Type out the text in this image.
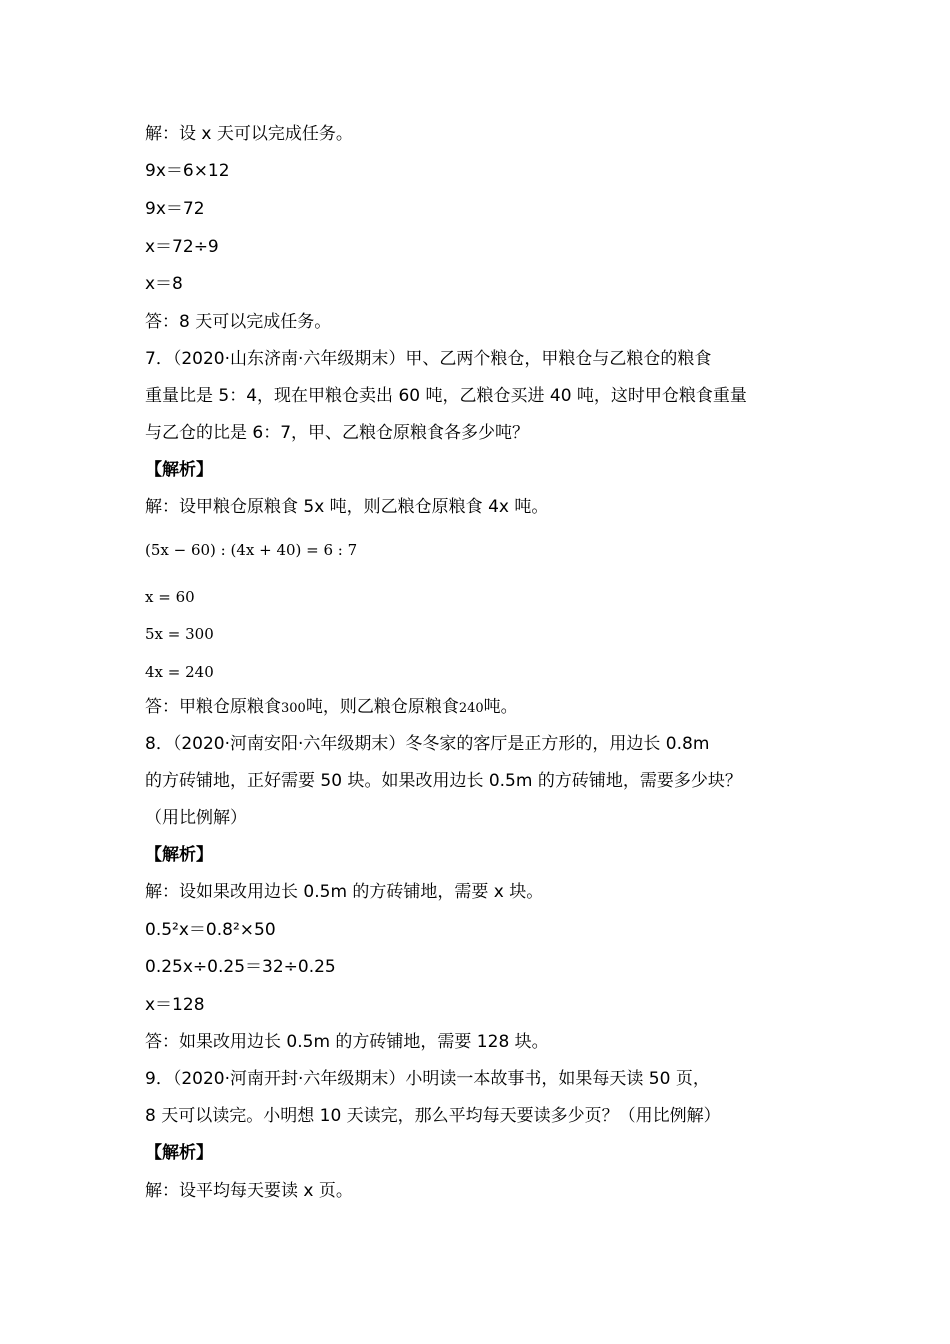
解：设 x 天可以完成任务。
9x＝6×12
9x＝72
x＝72÷9
x＝8
答：8 天可以完成任务。
7．（2020·山东济南·六年级期末）甲、乙两个粮仓，甲粮仓与乙粮仓的粮食
重量比是 5：4，现在甲粮仓卖出 60 吨，乙粮仓买进 40 吨，这时甲仓粮食重量
与乙仓的比是 6：7，甲、乙粮仓原粮食各多少吨？
【解析】
解：设甲粮仓原粮食 5x 吨，则乙粮仓原粮食 4x 吨。
(5x − 60) : (4x + 40) = 6 : 7
x = 60
5x = 300
4x = 240
答：甲粮仓原粮食300吨，则乙粮仓原粮食240吨。
8．（2020·河南安阳·六年级期末）冬冬家的客厅是正方形的，用边长 0.8m
的方砖铺地，正好需要 50 块。如果改用边长 0.5m 的方砖铺地，需要多少块？
（用比例解）
【解析】
解：设如果改用边长 0.5m 的方砖铺地，需要 x 块。
0.5²x＝0.8²×50
0.25x÷0.25＝32÷0.25
x＝128
答：如果改用边长 0.5m 的方砖铺地，需要 128 块。
9．（2020·河南开封·六年级期末）小明读一本故事书，如果每天读 50 页，
8 天可以读完。小明想 10 天读完，那么平均每天要读多少页？（用比例解）
【解析】
解：设平均每天要读 x 页。
